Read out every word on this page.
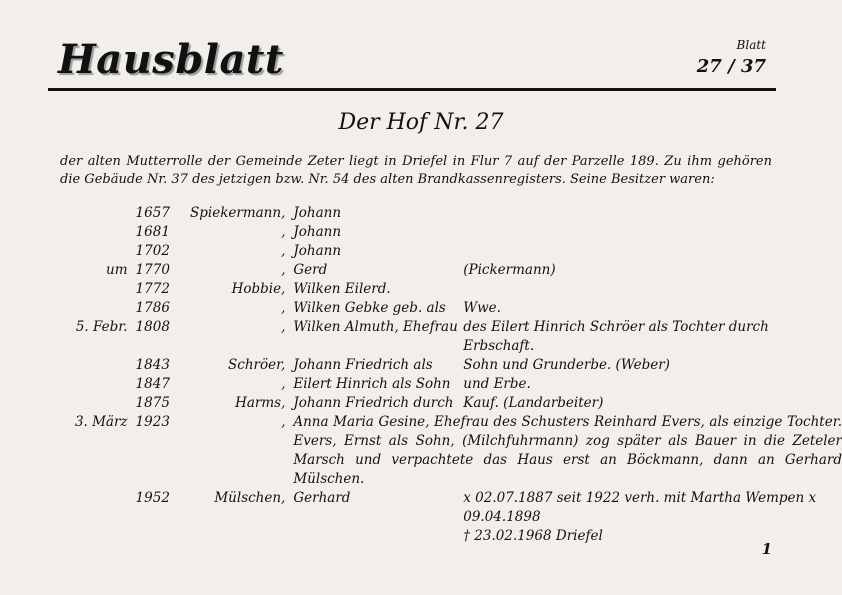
Hausblatt	Blatt
27 / 37
Der Hof Nr. 27
der alten Mutterrolle der Gemeinde Zeter liegt in Driefel in Flur 7 auf der Parzelle 189. Zu ihm gehören die Gebäude Nr. 37 des jetzigen bzw. Nr. 54 des alten Brandkassenregisters. Seine Besitzer waren:
	1657	Spiekermann,	Johann	
	1681	,	Johann	
	1702	,	Johann	
um	1770	,	Gerd	(Pickermann)
	1772	Hobbie,	Wilken Eilerd.	
	1786	,	Wilken Gebke geb. als	Wwe.
5. Febr.	1808	,	Wilken Almuth, Ehefrau	des Eilert Hinrich Schröer als Tochter durch Erbschaft.
	1843	Schröer,	Johann Friedrich als	Sohn und Grunderbe. (Weber)
	1847	,	Eilert Hinrich als Sohn	und Erbe.
	1875	Harms,	Johann Friedrich durch	Kauf. (Landarbeiter)
3. März	1923	,	Anna Maria Gesine, Ehefrau des Schusters Reinhard Evers, als einzige Tochter. Evers, Ernst als Sohn, (Milchfuhrmann) zog später als Bauer in die Zeteler Marsch und verpachtete das Haus erst an Böckmann, dann an Gerhard Mülschen.	
	1952	Mülschen,	Gerhard	x 02.07.1887 seit 1922 verh. mit Martha Wempen x 09.04.1898
† 23.02.1968 Driefel
1
